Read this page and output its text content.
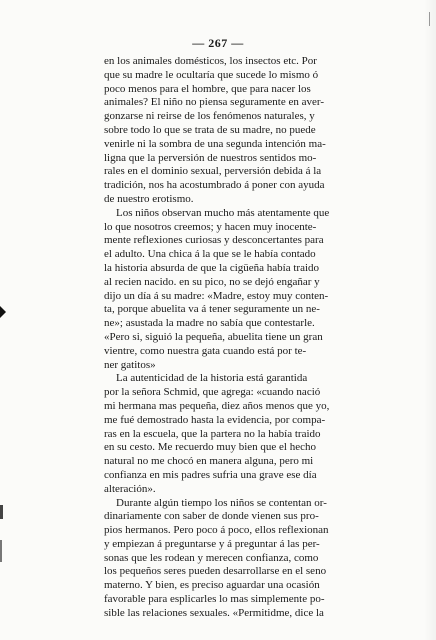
— 267 —
en los animales domésticos, los insectos etc. Por
que su madre le ocultaría que sucede lo mismo ó
poco menos para el hombre, que para nacer los
animales? El niño no piensa seguramente en aver-
gonzarse ni reirse de los fenómenos naturales, y
sobre todo lo que se trata de su madre, no puede
venirle ni la sombra de una segunda intención ma-
ligna que la perversión de nuestros sentidos mo-
rales en el dominio sexual, perversión debida á la
tradición, nos ha acostumbrado á poner con ayuda
de nuestro erotismo.
Los niños observan mucho más atentamente que
lo que nosotros creemos; y hacen muy inocente-
mente reflexiones curiosas y desconcertantes para
el adulto. Una chica á la que se le había contado
la historia absurda de que la cigüeña había traido
al recien nacido. en su pico, no se dejó engañar y
dijo un día á su madre: «Madre, estoy muy conten-
ta, porque abuelita va á tener seguramente un ne-
ne»; asustada la madre no sabía que contestarle.
«Pero si, siguió la pequeña, abuelita tiene un gran
vientre, como nuestra gata cuando está por te-
ner gatitos»
La autenticidad de la historia está garantida
por la señora Schmid, que agrega: «cuando nació
mi hermana mas pequeña, diez años menos que yo,
me fué demostrado hasta la evidencia, por compa-
ras en la escuela, que la partera no la había traido
en su cesto. Me recuerdo muy bien que el hecho
natural no me chocó en manera alguna, pero mi
confianza en mis padres sufria una grave ese día
alteración».
Durante algún tiempo los niños se contentan or-
dinariamente con saber de donde vienen sus pro-
pios hermanos. Pero poco á poco, ellos reflexionan
y empiezan á preguntarse y á preguntar á las per-
sonas que les rodean y merecen confianza, como
los pequeños seres pueden desarrollarse en el seno
materno. Y bien, es preciso aguardar una ocasión
favorable para esplicarles lo mas simplemente po-
sible las relaciones sexuales. «Permitidme, dice la
